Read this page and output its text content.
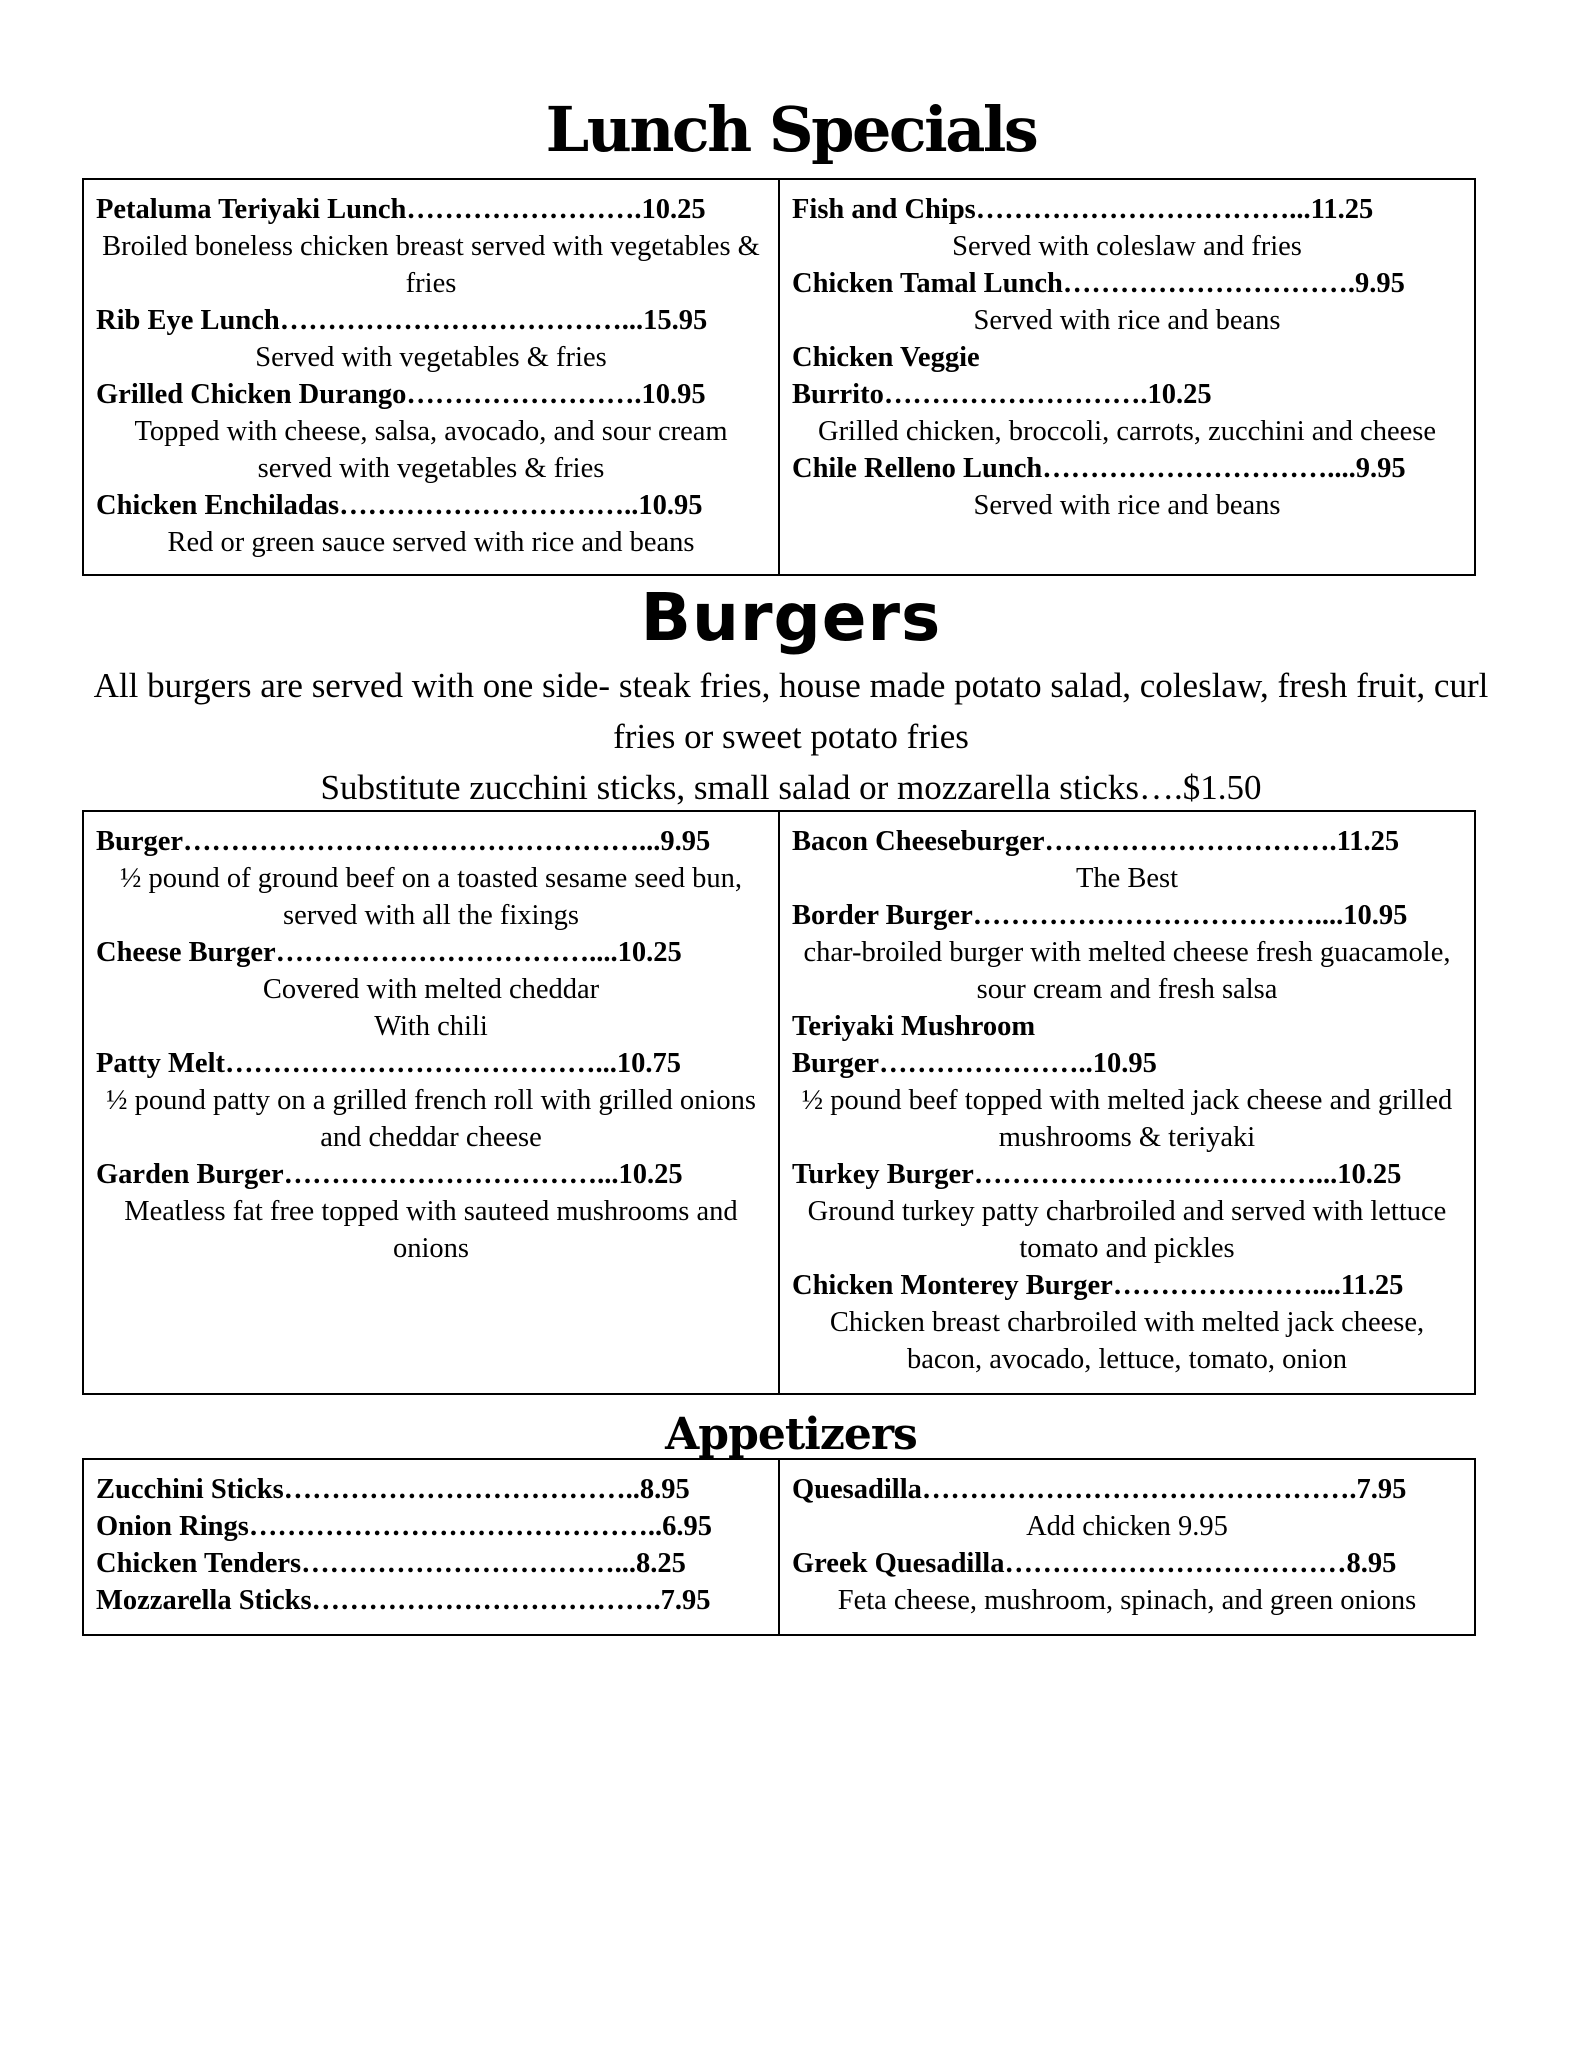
Lunch Specials
Petaluma Teriyaki Lunch…………………….10.25
Broiled boneless chicken breast served with vegetables & fries
Rib Eye Lunch………………………………...15.95
Served with vegetables & fries
Grilled Chicken Durango…………………….10.95
Topped with cheese, salsa, avocado, and sour cream served with vegetables & fries
Chicken Enchiladas…………………………..10.95
Red or green sauce served with rice and beans
Fish and Chips……………………………...11.25
Served with coleslaw and fries
Chicken Tamal Lunch………………………….9.95
Served with rice and beans
Chicken Veggie
Burrito……………………….10.25
Grilled chicken, broccoli, carrots, zucchini and cheese
Chile Relleno Lunch…………………………....9.95
Served with rice and beans
Burgers

All burgers are served with one side- steak fries, house made potato salad, coleslaw, fresh fruit, curl fries or sweet potato fries

Substitute zucchini sticks, small salad or mozzarella sticks….$1.50

Burger…………………………………………...9.95
½ pound of ground beef on a toasted sesame seed bun, served with all the fixings
Cheese Burger……………………………....10.25
Covered with melted cheddar
With chili
Patty Melt…………………………………...10.75
½ pound patty on a grilled french roll with grilled onions and cheddar cheese
Garden Burger……………………………...10.25
Meatless fat free topped with sauteed mushrooms and onions
Bacon Cheeseburger………………………….11.25
The Best
Border Burger………………………………....10.95
char-broiled burger with melted cheese fresh guacamole, sour cream and fresh salsa
Teriyaki Mushroom
Burger…………………..10.95
½ pound beef topped with melted jack cheese and grilled mushrooms & teriyaki
Turkey Burger………………………………...10.25
Ground turkey patty charbroiled and served with lettuce tomato and pickles
Chicken Monterey Burger…………………....11.25
Chicken breast charbroiled with melted jack cheese, bacon, avocado, lettuce, tomato, onion
Appetizers
Zucchini Sticks………………………………..8.95
Onion Rings……………………………………..6.95
Chicken Tenders……………………………...8.25
Mozzarella Sticks……………………………….7.95
Quesadilla……………………………………….7.95
Add chicken 9.95
Greek Quesadilla………………………………8.95
Feta cheese, mushroom, spinach, and green onions
